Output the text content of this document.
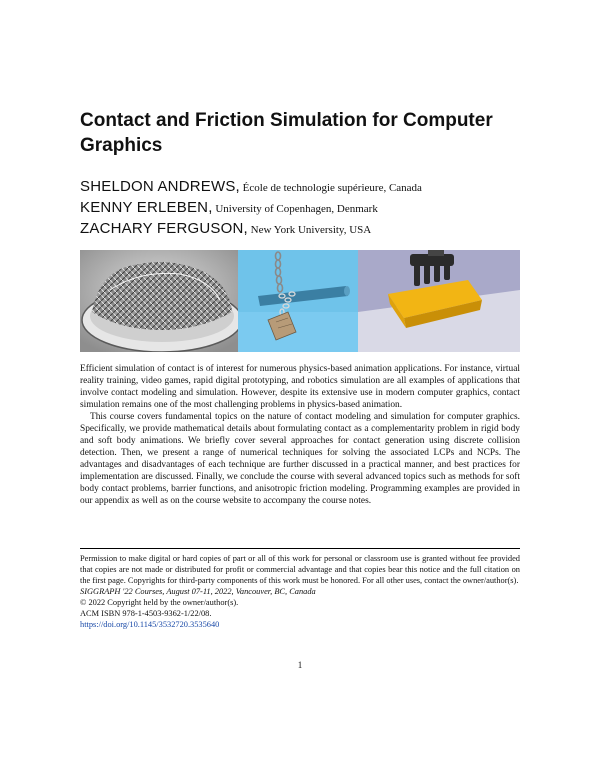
Contact and Friction Simulation for Computer Graphics
SHELDON ANDREWS, École de technologie supérieure, Canada
KENNY ERLEBEN, University of Copenhagen, Denmark
ZACHARY FERGUSON, New York University, USA

Efficient simulation of contact is of interest for numerous physics-based animation applications. For instance, virtual reality training, video games, rapid digital prototyping, and robotics simulation are all examples of applications that involve contact modeling and simulation. However, despite its extensive use in modern computer graphics, contact simulation remains one of the most challenging problems in physics-based animation.

This course covers fundamental topics on the nature of contact modeling and simulation for computer graphics. Specifically, we provide mathematical details about formulating contact as a complementarity problem in rigid body and soft body animations. We briefly cover several approaches for contact generation using discrete collision detection. Then, we present a range of numerical techniques for solving the associated LCPs and NCPs. The advantages and disadvantages of each technique are further discussed in a practical manner, and best practices for implementation are discussed. Finally, we conclude the course with several advanced topics such as methods for soft body contact problems, barrier functions, and anisotropic friction modeling. Programming examples are provided in our appendix as well as on the course website to accompany the course notes.

Permission to make digital or hard copies of part or all of this work for personal or classroom use is granted without fee provided that copies are not made or distributed for profit or commercial advantage and that copies bear this notice and the full citation on the first page. Copyrights for third-party components of this work must be honored. For all other uses, contact the owner/author(s).

SIGGRAPH '22 Courses, August 07-11, 2022, Vancouver, BC, Canada

© 2022 Copyright held by the owner/author(s).

ACM ISBN 978-1-4503-9362-1/22/08.

https://doi.org/10.1145/3532720.3535640

1
